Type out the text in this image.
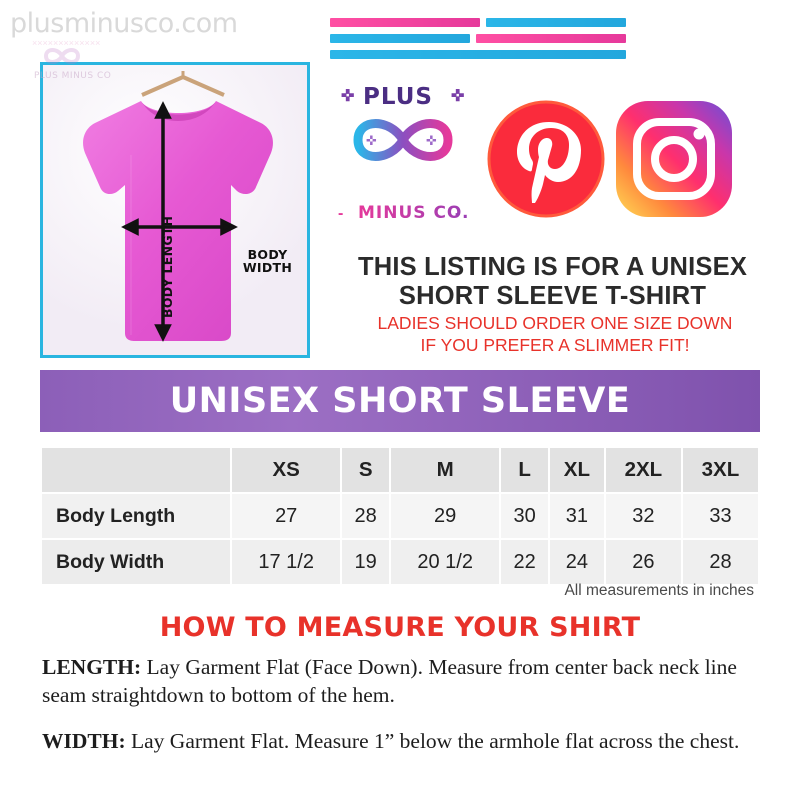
plusminusco.com
PLUS MINUS CO
×××××××××××××
BODY WIDTH
BODY LENGTH
PLUS
✜	✜
✜	✜
MINUS CO.
-	-
THIS LISTING IS FOR A UNISEX
SHORT SLEEVE T-SHIRT
LADIES SHOULD ORDER ONE SIZE DOWN
IF YOU PREFER A SLIMMER FIT!
UNISEX SHORT SLEEVE
	XS	S	M	L	XL	2XL	3XL
Body Length	27	28	29	30	31	32	33
Body Width	17 1/2	19	20 1/2	22	24	26	28
All measurements in inches
HOW TO MEASURE YOUR SHIRT
LENGTH: Lay Garment Flat (Face Down). Measure from center back neck line seam straightdown to bottom of the hem.
WIDTH: Lay Garment Flat. Measure 1” below the armhole flat across the chest.
